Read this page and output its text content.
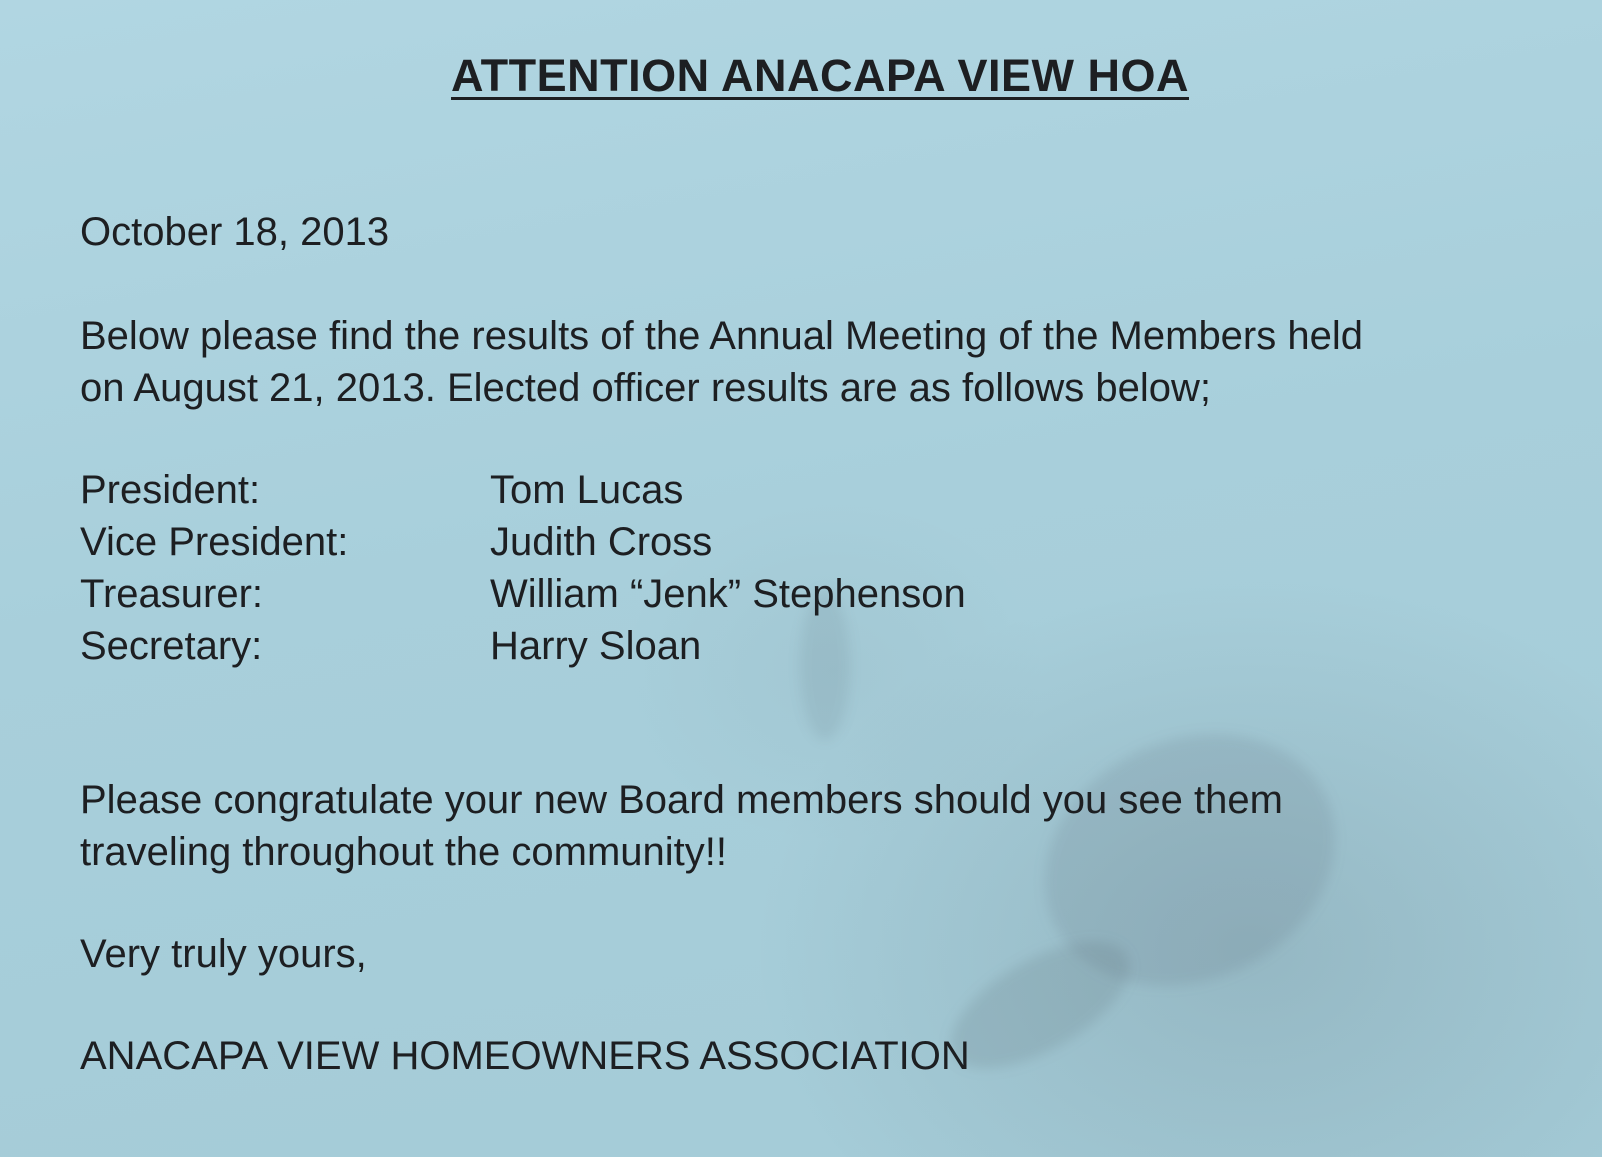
ATTENTION ANACAPA VIEW HOA

October 18, 2013

Below please find the results of the Annual Meeting of the Members held
on August 21, 2013. Elected officer results are as follows below;
President:	Tom Lucas
Vice President:	Judith Cross
Treasurer:	William “Jenk” Stephenson
Secretary:	Harry Sloan
Please congratulate your new Board members should you see them
traveling throughout the community!!

Very truly yours,

ANACAPA VIEW HOMEOWNERS ASSOCIATION
